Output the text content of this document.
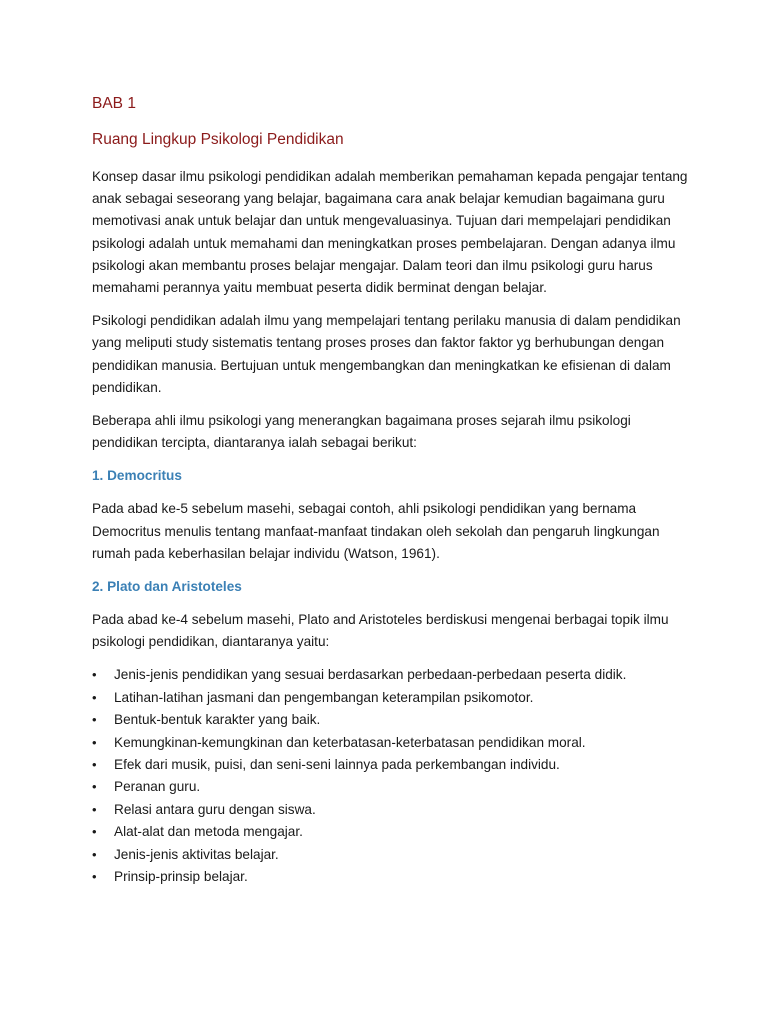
BAB 1
Ruang Lingkup Psikologi Pendidikan

Konsep dasar ilmu psikologi pendidikan adalah memberikan pemahaman kepada pengajar tentang anak sebagai seseorang yang belajar, bagaimana cara anak belajar kemudian bagaimana guru memotivasi anak untuk belajar dan untuk mengevaluasinya. Tujuan dari mempelajari pendidikan psikologi adalah untuk memahami dan meningkatkan proses pembelajaran. Dengan adanya ilmu psikologi akan membantu proses belajar mengajar. Dalam teori dan ilmu psikologi guru harus memahami perannya yaitu membuat peserta didik berminat dengan belajar.

Psikologi pendidikan adalah ilmu yang mempelajari tentang perilaku manusia di dalam pendidikan yang meliputi study sistematis tentang proses proses dan faktor faktor yg berhubungan dengan pendidikan manusia. Bertujuan untuk mengembangkan dan meningkatkan ke efisienan di dalam pendidikan.

Beberapa ahli ilmu psikologi yang menerangkan bagaimana proses sejarah ilmu psikologi pendidikan tercipta, diantaranya ialah sebagai berikut:

1. Democritus

Pada abad ke-5 sebelum masehi, sebagai contoh, ahli psikologi pendidikan yang bernama Democritus menulis tentang manfaat-manfaat tindakan oleh sekolah dan pengaruh lingkungan rumah pada keberhasilan belajar individu (Watson, 1961).

2. Plato dan Aristoteles

Pada abad ke-4 sebelum masehi, Plato and Aristoteles berdiskusi mengenai berbagai topik ilmu psikologi pendidikan, diantaranya yaitu:

• Jenis-jenis pendidikan yang sesuai berdasarkan perbedaan-perbedaan peserta didik.
• Latihan-latihan jasmani dan pengembangan keterampilan psikomotor.
• Bentuk-bentuk karakter yang baik.
• Kemungkinan-kemungkinan dan keterbatasan-keterbatasan pendidikan moral.
• Efek dari musik, puisi, dan seni-seni lainnya pada perkembangan individu.
• Peranan guru.
• Relasi antara guru dengan siswa.
• Alat-alat dan metoda mengajar.
• Jenis-jenis aktivitas belajar.
• Prinsip-prinsip belajar.
